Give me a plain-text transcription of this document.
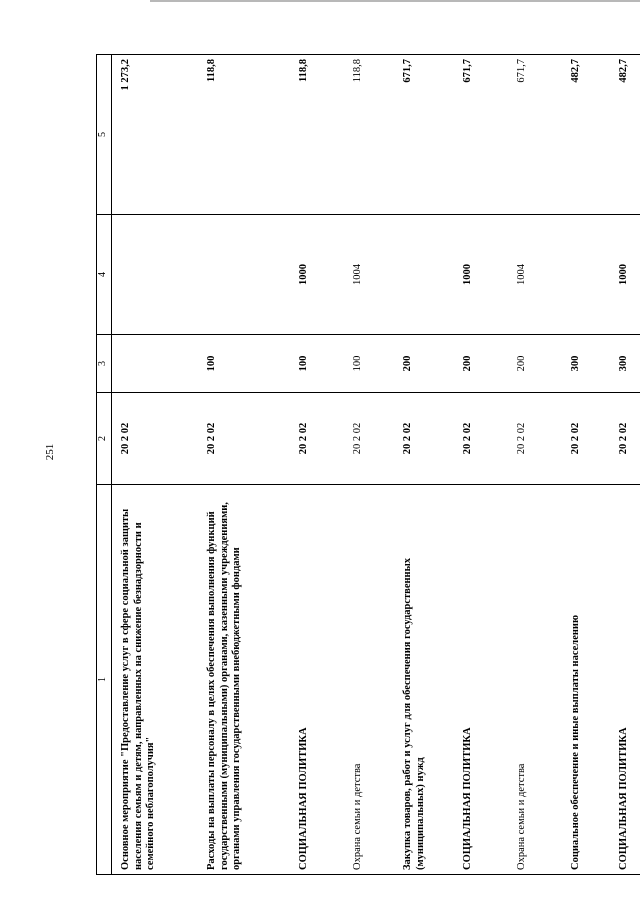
251
1	2	3	4	5
Основное мероприятие "Предоставление услуг в сфере социальной защиты населения семьям и детям, направленных на снижение безнадзорности и семейного неблагополучия"	20 2 02			1 273,2
Расходы на выплаты персоналу в целях обеспечения выполнения функций государственными (муниципальными) органами, казенными учреждениями, органами управления государственными внебюджетными фондами	20 2 02	100		118,8
СОЦИАЛЬНАЯ ПОЛИТИКА	20 2 02	100	1000	118,8
Охрана семьи и детства	20 2 02	100	1004	118,8
Закупка товаров, работ и услуг для обеспечения государственных (муниципальных) нужд	20 2 02	200		671,7
СОЦИАЛЬНАЯ ПОЛИТИКА	20 2 02	200	1000	671,7
Охрана семьи и детства	20 2 02	200	1004	671,7
Социальное обеспечение и иные выплаты населению	20 2 02	300		482,7
СОЦИАЛЬНАЯ ПОЛИТИКА	20 2 02	300	1000	482,7
